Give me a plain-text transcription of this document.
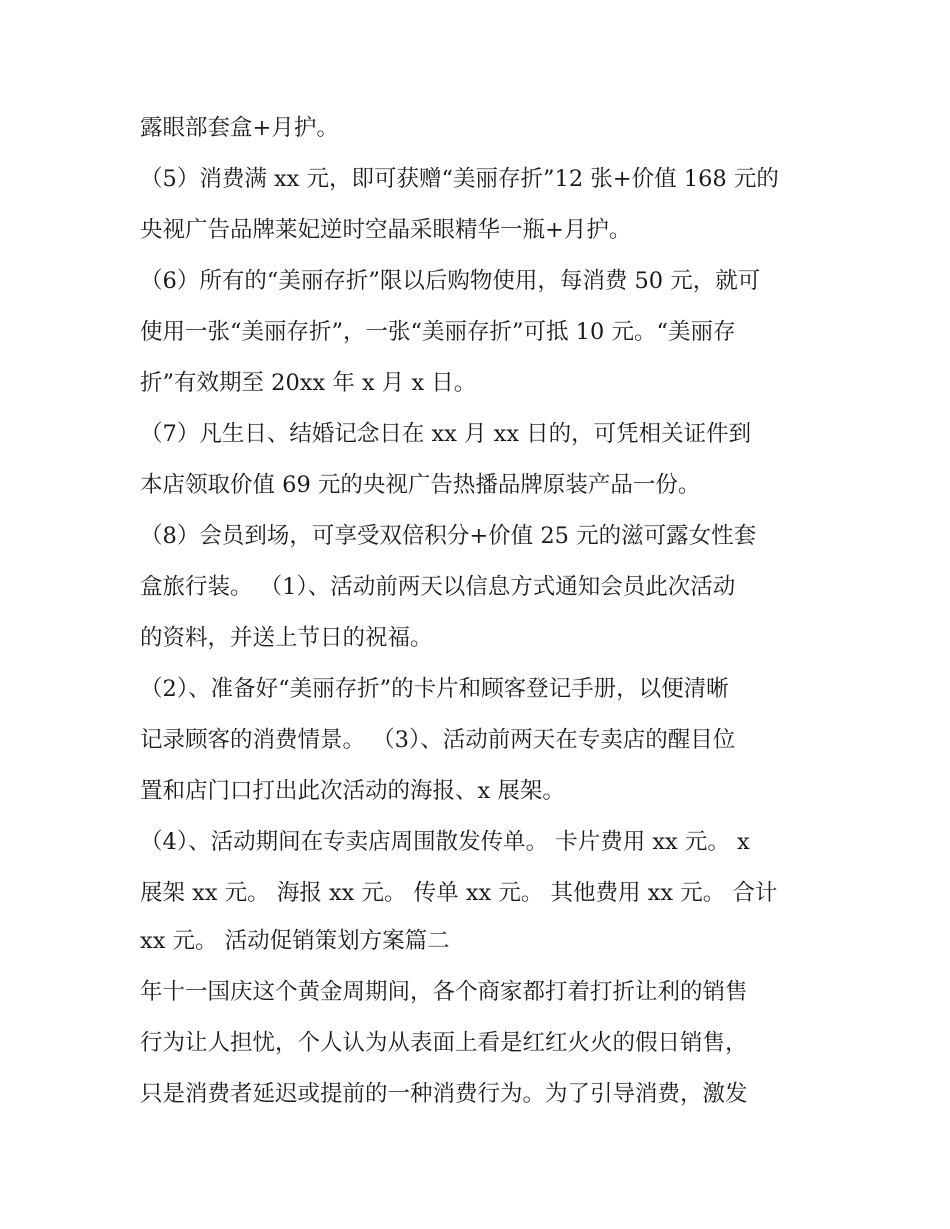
露眼部套盒+月护。
（5）消费满 xx 元，即可获赠“美丽存折”12 张+价值 168 元的
央视广告品牌莱妃逆时空晶采眼精华一瓶+月护。
（6）所有的“美丽存折”限以后购物使用，每消费 50 元，就可
使用一张“美丽存折”，一张“美丽存折”可抵 10 元。“美丽存
折”有效期至 20xx 年 x 月 x 日。
（7）凡生日、结婚记念日在 xx 月 xx 日的，可凭相关证件到
本店领取价值 69 元的央视广告热播品牌原装产品一份。
（8）会员到场，可享受双倍积分+价值 25 元的滋可露女性套
盒旅行装。 （1）、活动前两天以信息方式通知会员此次活动
的资料，并送上节日的祝福。
（2）、准备好“美丽存折”的卡片和顾客登记手册，以便清晰
记录顾客的消费情景。 （3）、活动前两天在专卖店的醒目位
置和店门口打出此次活动的海报、x 展架。
（4）、活动期间在专卖店周围散发传单。 卡片费用 xx 元。 x
展架 xx 元。 海报 xx 元。 传单 xx 元。 其他费用 xx 元。 合计
xx 元。 活动促销策划方案篇二
年十一国庆这个黄金周期间，各个商家都打着打折让利的销售
行为让人担忧，个人认为从表面上看是红红火火的假日销售，
只是消费者延迟或提前的一种消费行为。为了引导消费，激发
